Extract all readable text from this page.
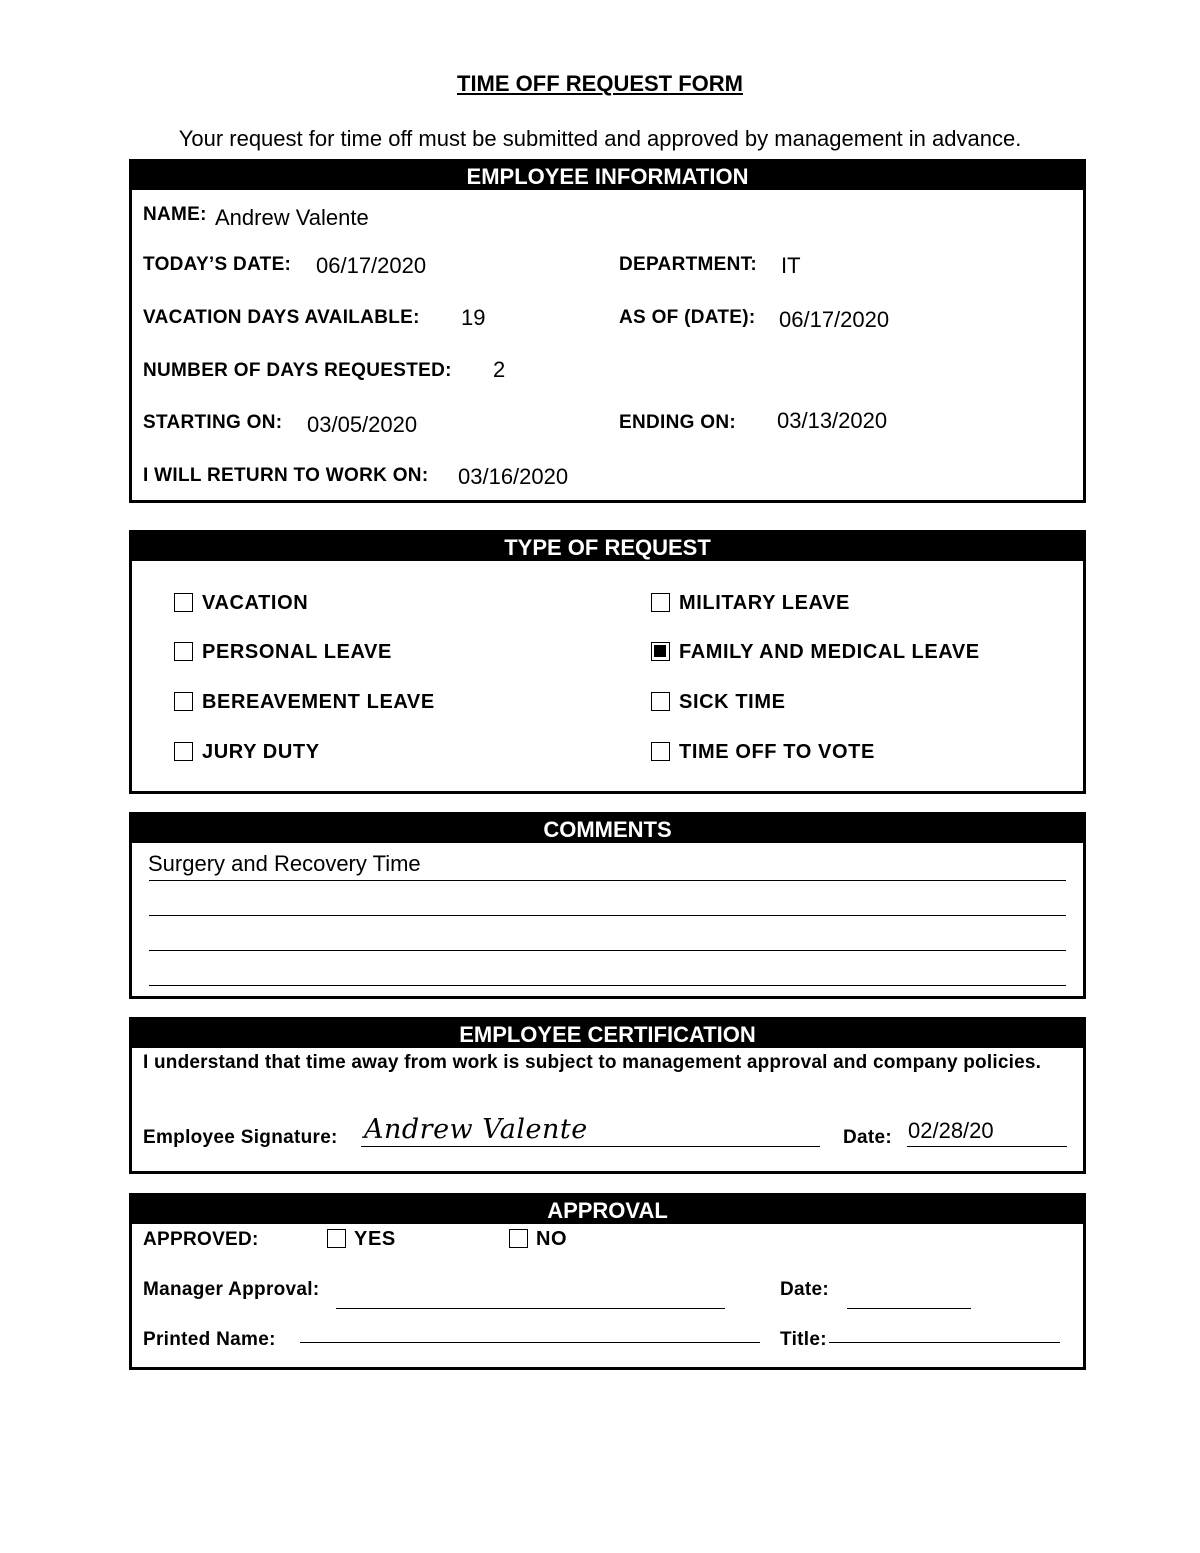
TIME OFF REQUEST FORM
Your request for time off must be submitted and approved by management in advance.
EMPLOYEE INFORMATION
NAME: Andrew Valente
TODAY’S DATE: 06/17/2020	DEPARTMENT: IT
VACATION DAYS AVAILABLE: 19	AS OF (DATE): 06/17/2020
NUMBER OF DAYS REQUESTED: 2
STARTING ON: 03/05/2020	ENDING ON: 03/13/2020
I WILL RETURN TO WORK ON: 03/16/2020
TYPE OF REQUEST
VACATION
PERSONAL LEAVE
BEREAVEMENT LEAVE
JURY DUTY
MILITARY LEAVE
FAMILY AND MEDICAL LEAVE
SICK TIME
TIME OFF TO VOTE
COMMENTS
Surgery and Recovery Time
EMPLOYEE CERTIFICATION
I understand that time away from work is subject to management approval and company policies.
Employee Signature: Andrew Valente	Date: 02/28/20
APPROVAL
APPROVED:	YES	NO
Manager Approval:	Date:
Printed Name:	Title:
